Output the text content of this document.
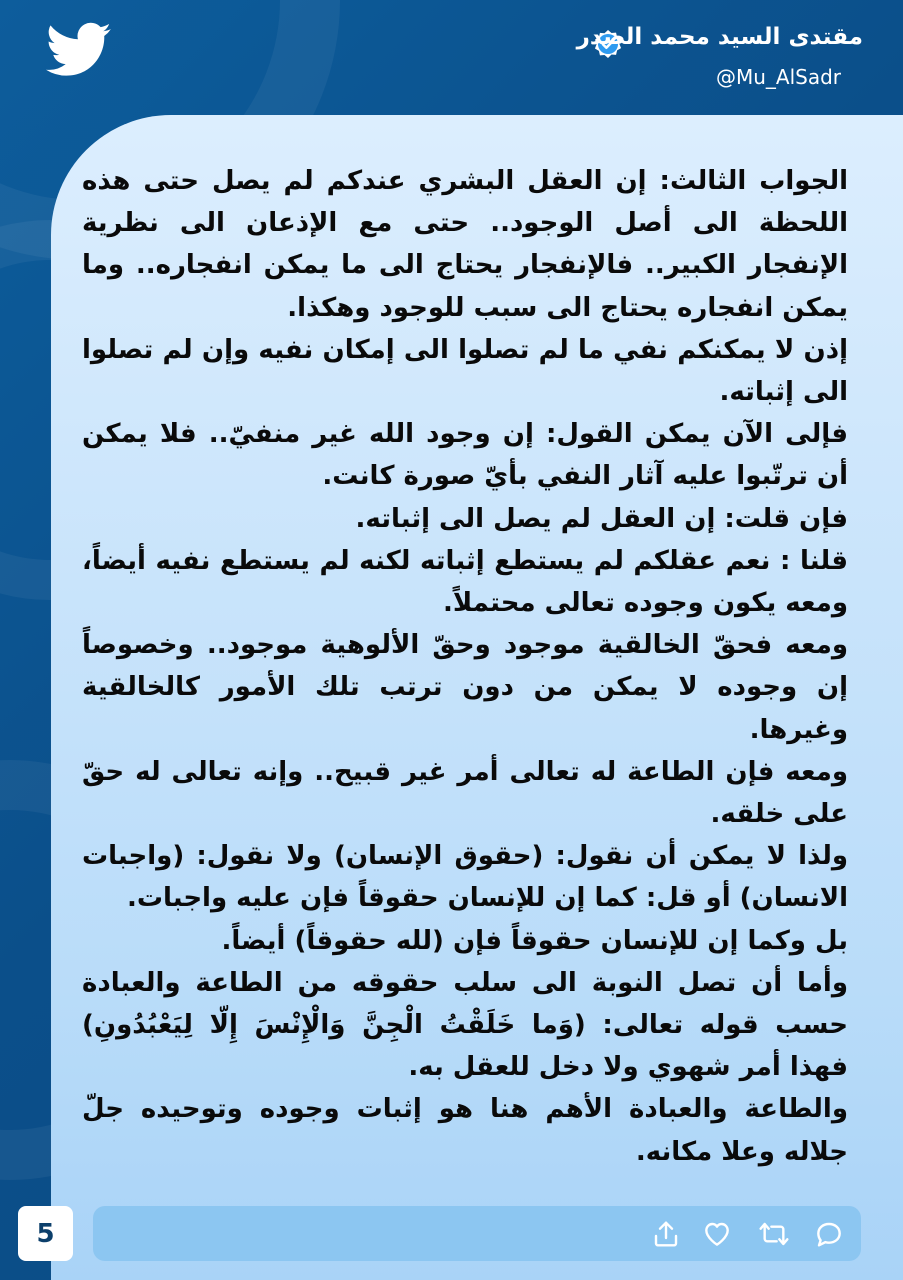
مقتدى السيد محمد الصدر
@Mu_AlSadr

الجواب الثالث: إن العقل البشري عندكم لم يصل حتى هذه اللحظة الى أصل الوجود.. حتى مع الإذعان الى نظرية الإنفجار الكبير.. فالإنفجار يحتاج الى ما يمكن انفجاره.. وما يمكن انفجاره يحتاج الى سبب للوجود وهكذا.

إذن لا يمكنكم نفي ما لم تصلوا الى إمكان نفيه وإن لم تصلوا الى إثباته.

فإلى الآن يمكن القول: إن وجود الله غير منفيّ.. فلا يمكن أن ترتّبوا عليه آثار النفي بأيّ صورة كانت.

فإن قلت: إن العقل لم يصل الى إثباته.

قلنا : نعم عقلكم لم يستطع إثباته لكنه لم يستطع نفيه أيضاً، ومعه يكون وجوده تعالى محتملاً.

ومعه فحقّ الخالقية موجود وحقّ الألوهية موجود.. وخصوصاً إن وجوده لا يمكن من دون ترتب تلك الأمور كالخالقية وغيرها.

ومعه فإن الطاعة له تعالى أمر غير قبيح.. وإنه تعالى له حقّ على خلقه.

ولذا لا يمكن أن نقول: (حقوق الإنسان) ولا نقول: (واجبات الانسان) أو قل: كما إن للإنسان حقوقاً فإن عليه واجبات.

بل وكما إن للإنسان حقوقاً فإن (لله حقوقاً) أيضاً.

وأما أن تصل النوبة الى سلب حقوقه من الطاعة والعبادة حسب قوله تعالى: (وَما خَلَقْتُ الْجِنَّ وَالْإِنْسَ إِلّا لِيَعْبُدُونِ) فهذا أمر شهوي ولا دخل للعقل به.

والطاعة والعبادة الأهم هنا هو إثبات وجوده وتوحيده جلّ جلاله وعلا مكانه.

5
